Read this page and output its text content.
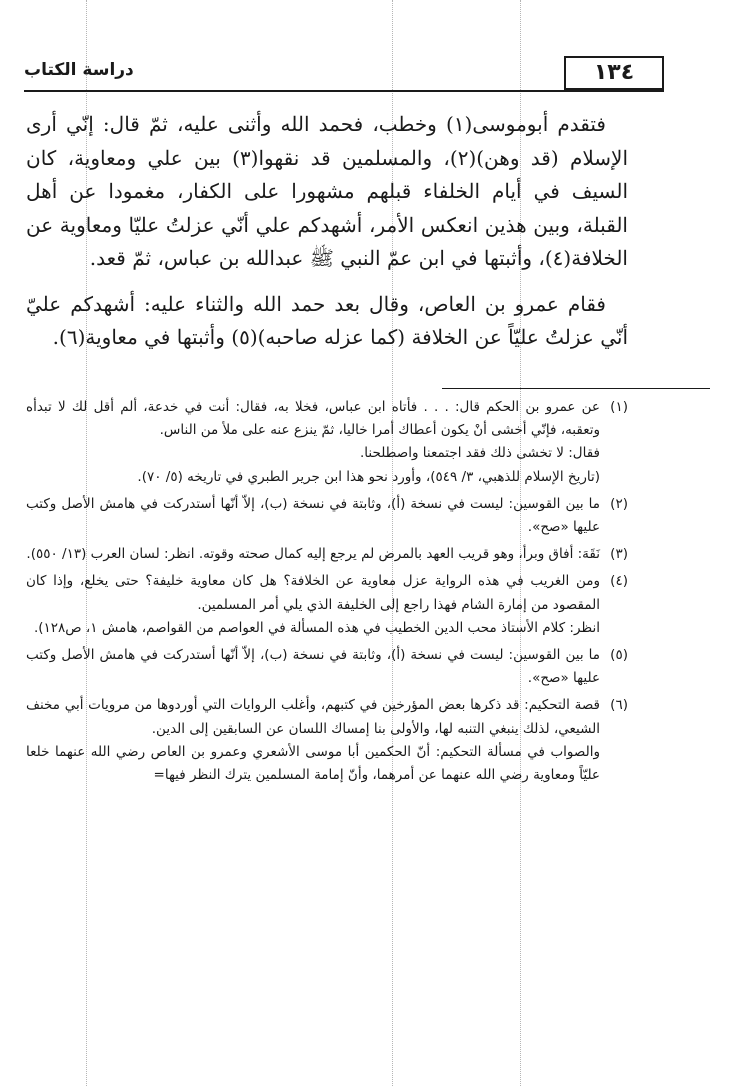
١٣٤
دراسة الكتاب

فتقدم أبوموسى(١) وخطب، فحمد الله وأثنى عليه، ثمّ قال: إنّي أرى الإسلام (قد وهن)(٢)، والمسلمين قد نقهوا(٣) بين علي ومعاوية، كان السيف في أيام الخلفاء قبلهم مشهورا على الكفار، مغمودا عن أهل القبلة، وبين هذين انعكس الأمر، أشهدكم علي أنّي عزلتُ عليّا ومعاوية عن الخلافة(٤)، وأثبتها في ابن عمّ النبي ﷺ عبدالله بن عباس، ثمّ قعد.

فقام عمرو بن العاص، وقال بعد حمد الله والثناء عليه: أشهدكم عليّ أنّي عزلتُ عليّاً عن الخلافة (كما عزله صاحبه)(٥) وأثبتها في معاوية(٦).

(١)

عن عمرو بن الحكم قال: . . . فأتاه ابن عباس، فخلا به، فقال: أنت في خدعة، ألم أقل لك لا تبدأه وتعقبه، فإنّي أخشى أنْ يكون أعطاك أمرا خاليا، ثمّ ينزع عنه على ملأ من الناس.

فقال: لا تخشى ذلك فقد اجتمعنا واصطلحنا.

(تاريخ الإسلام للذهبي، ٣/ ٥٤٩)، وأورد نحو هذا ابن جرير الطبري في تاريخه (٥/ ٧٠).

(٢)

ما بين القوسين: ليست في نسخة (أ)، وثابتة في نسخة (ب)، إلاّ أنّها أستدركت في هامش الأصل وكتب عليها «صح».

(٣)

نَقَهَ: أفاق وبرأ، وهو قريب العهد بالمرض لم يرجع إليه كمال صحته وقوته. انظر: لسان العرب (١٣/ ٥٥٠).

(٤)

ومن الغريب في هذه الرواية عزل معاوية عن الخلافة؟ هل كان معاوية خليفة؟ حتى يخلع، وإذا كان المقصود من إمارة الشام فهذا راجع إلى الخليفة الذي يلي أمر المسلمين.

انظر: كلام الأستاذ محب الدين الخطيب في هذه المسألة في العواصم من القواصم، هامش ١، ص١٢٨).

(٥)

ما بين القوسين: ليست في نسخة (أ)، وثابتة في نسخة (ب)، إلاّ أنّها أستدركت في هامش الأصل وكتب عليها «صح».

(٦)

قصة التحكيم: قد ذكرها بعض المؤرخين في كتبهم، وأغلب الروايات التي أوردوها من مرويات أبي مخنف الشيعي، لذلك ينبغي التنبه لها، والأولى بنا إمساك اللسان عن السابقين إلى الدين.

والصواب في مسألة التحكيم: أنّ الحكمين أبا موسى الأشعري وعمرو بن العاص رضي الله عنهما خلعا عليّاً ومعاوية رضي الله عنهما عن أمرهما، وأنّ إمامة المسلمين يترك النظر فيها=
